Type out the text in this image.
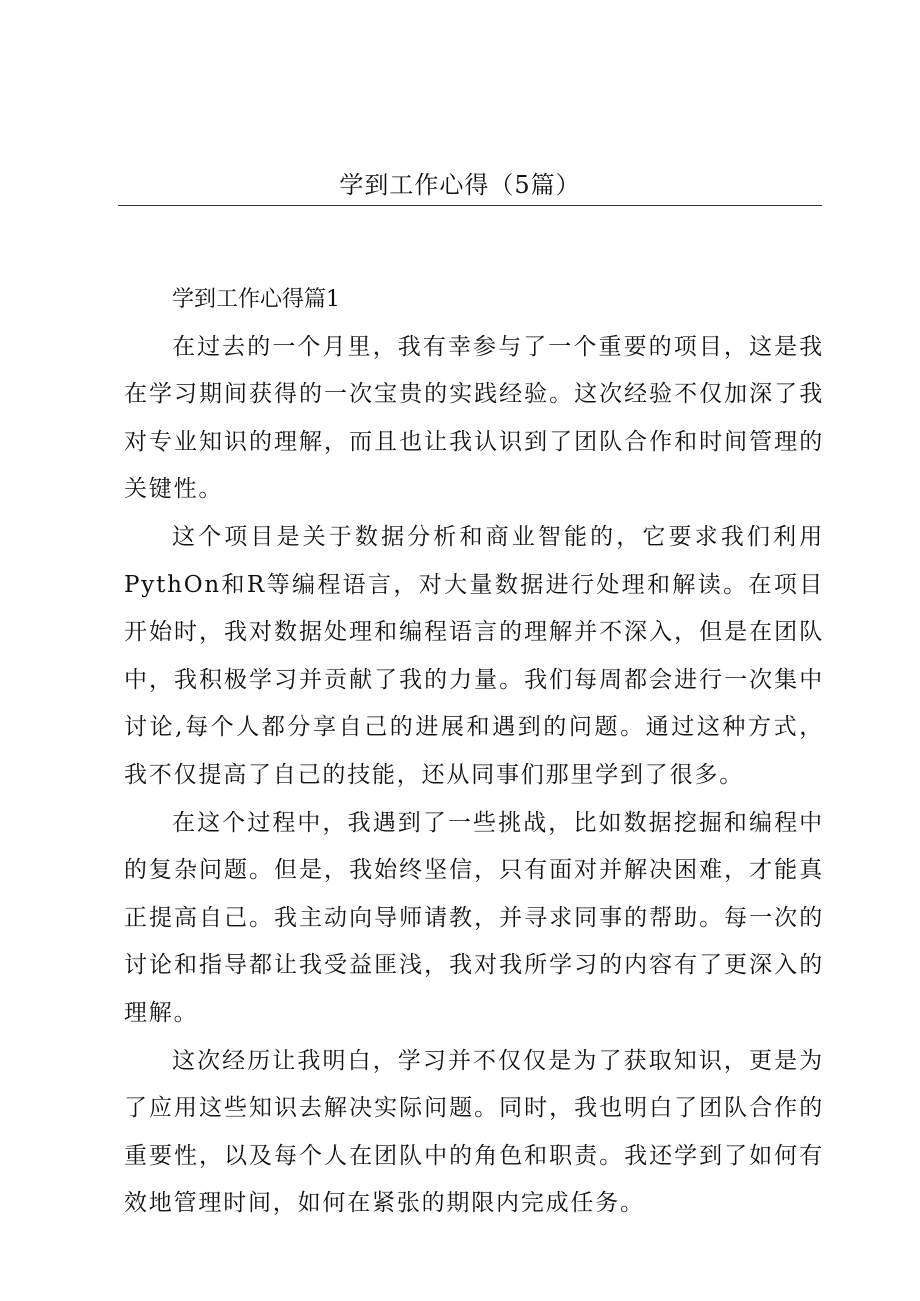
学到工作心得（5篇）
学到工作心得篇1

在过去的一个月里，我有幸参与了一个重要的项目，这是我在学习期间获得的一次宝贵的实践经验。这次经验不仅加深了我对专业知识的理解，而且也让我认识到了团队合作和时间管理的关键性。

这个项目是关于数据分析和商业智能的，它要求我们利用PythOn和R等编程语言，对大量数据进行处理和解读。在项目开始时，我对数据处理和编程语言的理解并不深入，但是在团队中，我积极学习并贡献了我的力量。我们每周都会进行一次集中讨论,每个人都分享自己的进展和遇到的问题。通过这种方式，我不仅提高了自己的技能，还从同事们那里学到了很多。

在这个过程中，我遇到了一些挑战，比如数据挖掘和编程中的复杂问题。但是，我始终坚信，只有面对并解决困难，才能真正提高自己。我主动向导师请教，并寻求同事的帮助。每一次的讨论和指导都让我受益匪浅，我对我所学习的内容有了更深入的理解。

这次经历让我明白，学习并不仅仅是为了获取知识，更是为了应用这些知识去解决实际问题。同时，我也明白了团队合作的重要性，以及每个人在团队中的角色和职责。我还学到了如何有效地管理时间，如何在紧张的期限内完成任务。
